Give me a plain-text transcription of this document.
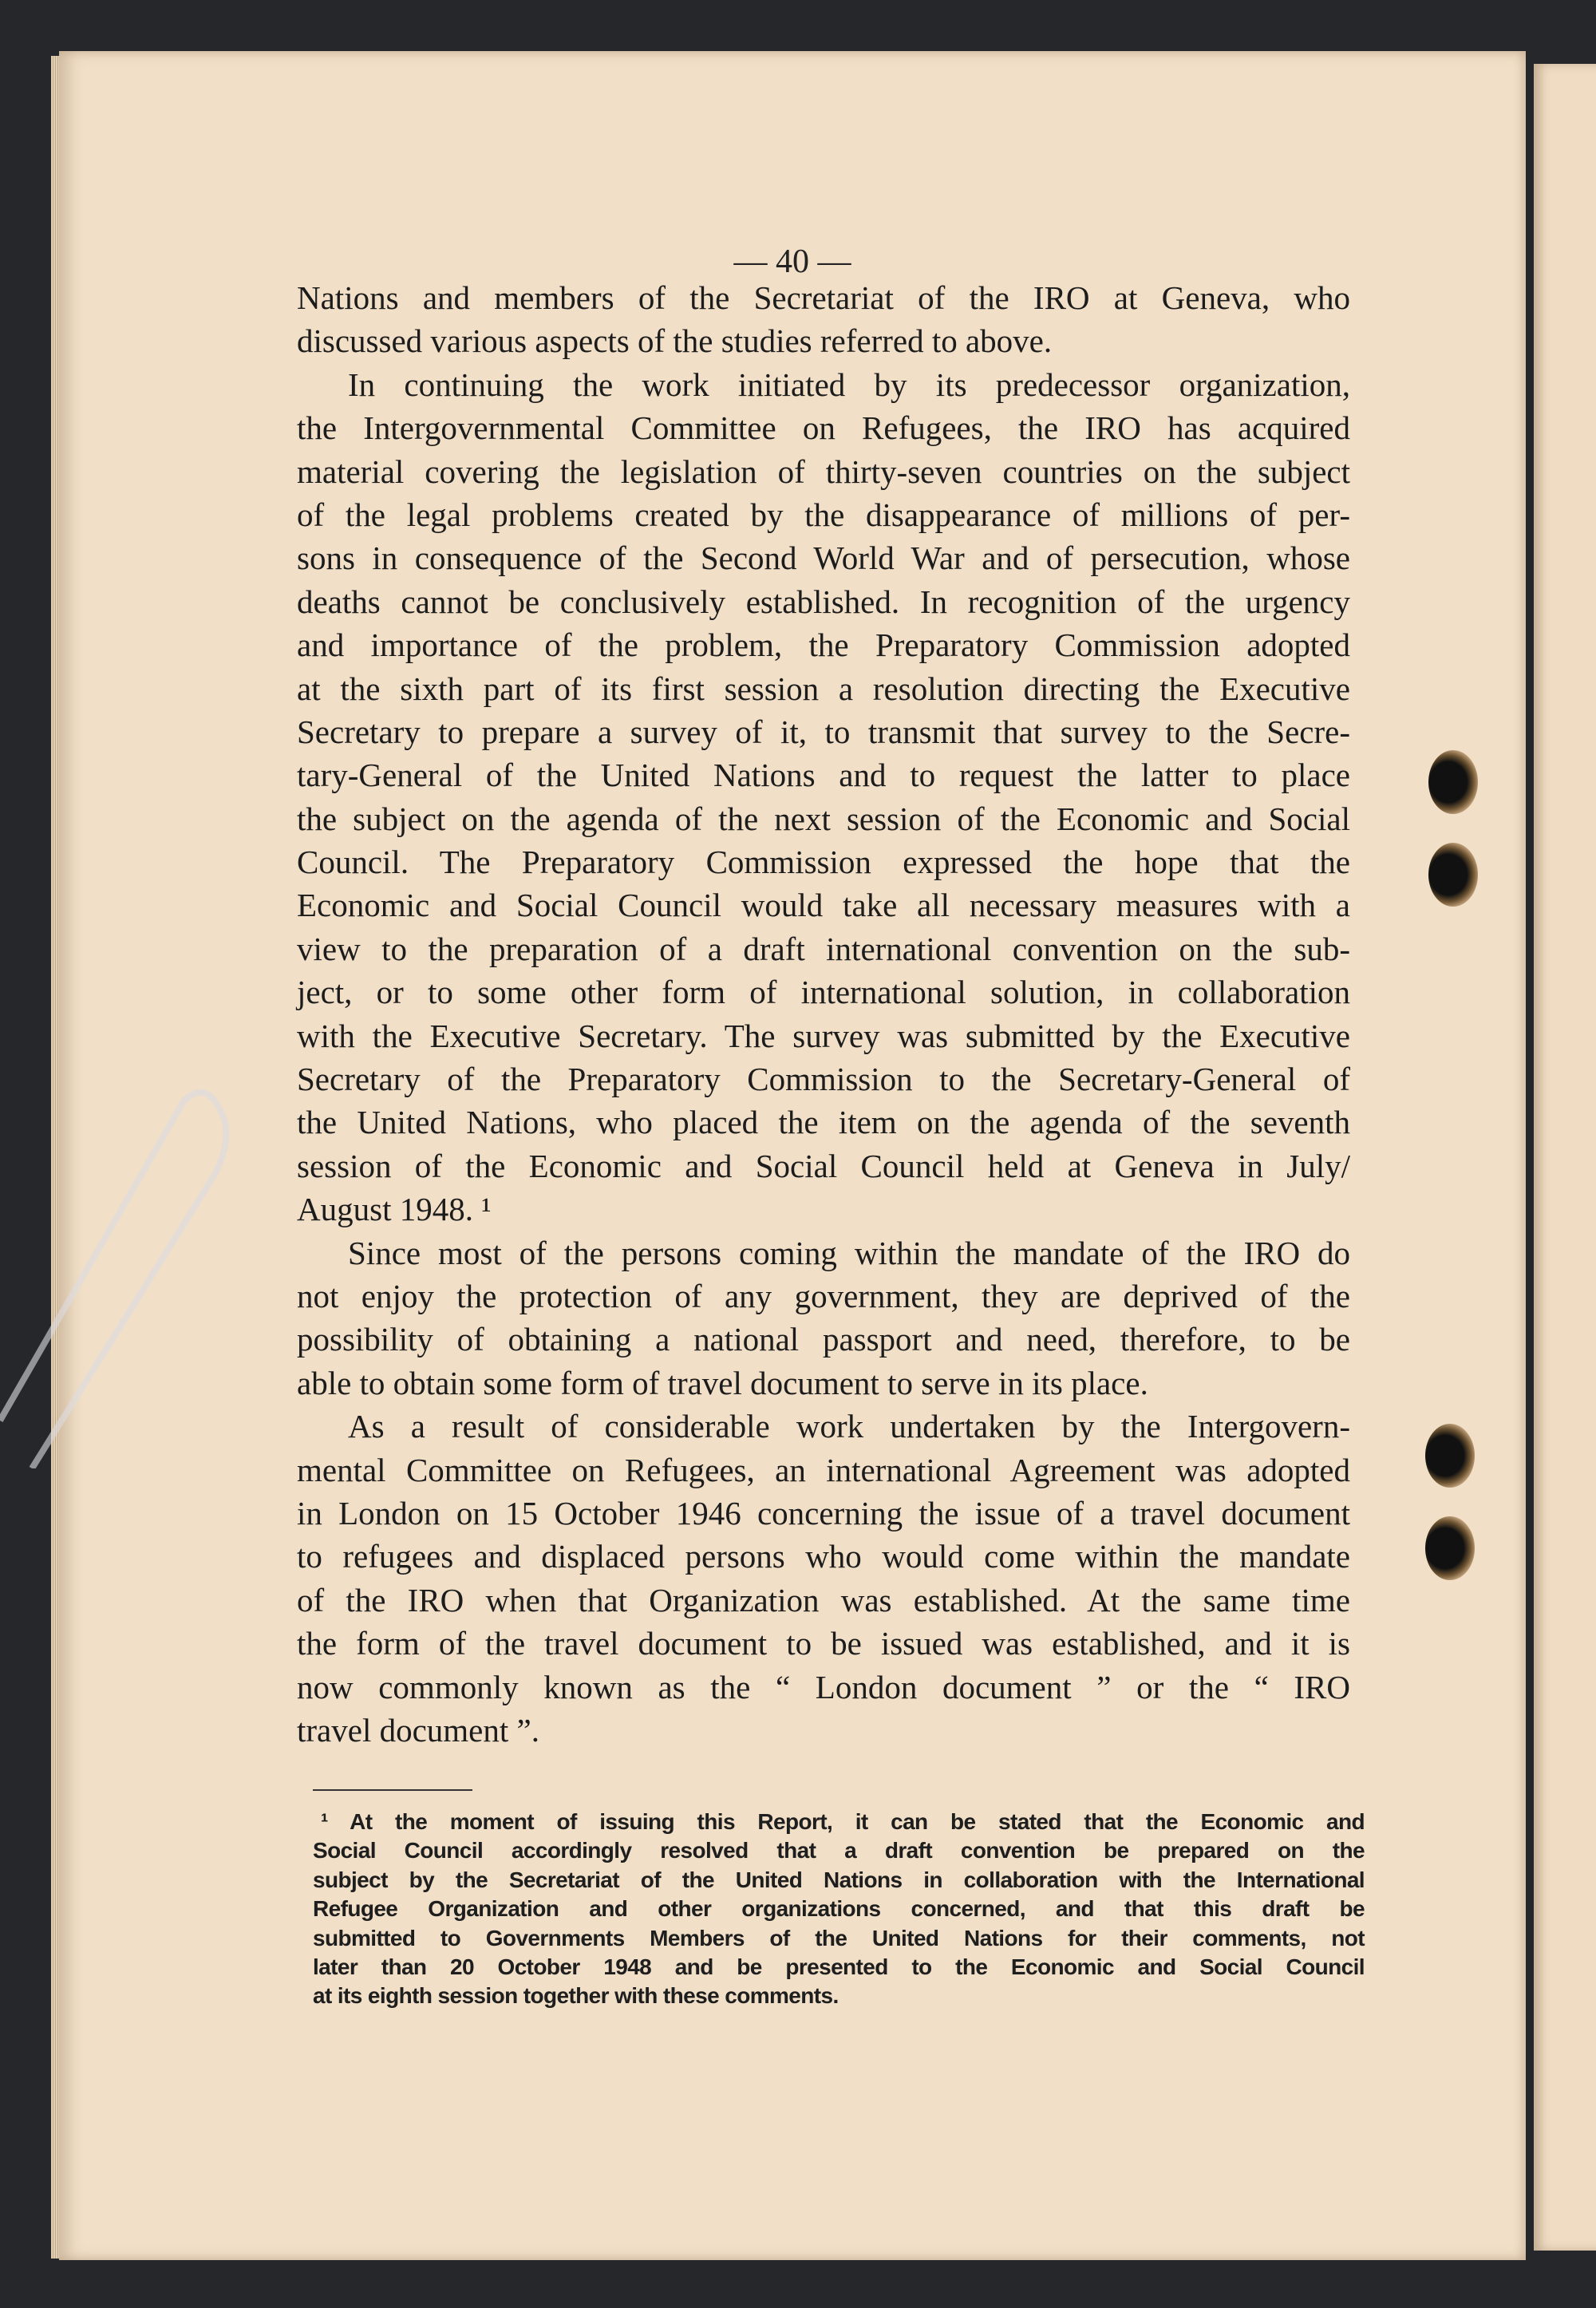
— 40 —
Nations and members of the Secretariat of the IRO at Geneva, who
discussed various aspects of the studies referred to above.
In continuing the work initiated by its predecessor organization,
the Intergovernmental Committee on Refugees, the IRO has acquired
material covering the legislation of thirty-seven countries on the subject
of the legal problems created by the disappearance of millions of per-
sons in consequence of the Second World War and of persecution, whose
deaths cannot be conclusively established. In recognition of the urgency
and importance of the problem, the Preparatory Commission adopted
at the sixth part of its first session a resolution directing the Executive
Secretary to prepare a survey of it, to transmit that survey to the Secre-
tary-General of the United Nations and to request the latter to place
the subject on the agenda of the next session of the Economic and Social
Council. The Preparatory Commission expressed the hope that the
Economic and Social Council would take all necessary measures with a
view to the preparation of a draft international convention on the sub-
ject, or to some other form of international solution, in collaboration
with the Executive Secretary. The survey was submitted by the Executive
Secretary of the Preparatory Commission to the Secretary-General of
the United Nations, who placed the item on the agenda of the seventh
session of the Economic and Social Council held at Geneva in July/
August 1948. ¹
Since most of the persons coming within the mandate of the IRO do
not enjoy the protection of any government, they are deprived of the
possibility of obtaining a national passport and need, therefore, to be
able to obtain some form of travel document to serve in its place.
As a result of considerable work undertaken by the Intergovern-
mental Committee on Refugees, an international Agreement was adopted
in London on 15 October 1946 concerning the issue of a travel document
to refugees and displaced persons who would come within the mandate
of the IRO when that Organization was established. At the same time
the form of the travel document to be issued was established, and it is
now commonly known as the “ London document ” or the “ IRO
travel document ”.
¹ At the moment of issuing this Report, it can be stated that the Economic and
Social Council accordingly resolved that a draft convention be prepared on the
subject by the Secretariat of the United Nations in collaboration with the International
Refugee Organization and other organizations concerned, and that this draft be
submitted to Governments Members of the United Nations for their comments, not
later than 20 October 1948 and be presented to the Economic and Social Council
at its eighth session together with these comments.
